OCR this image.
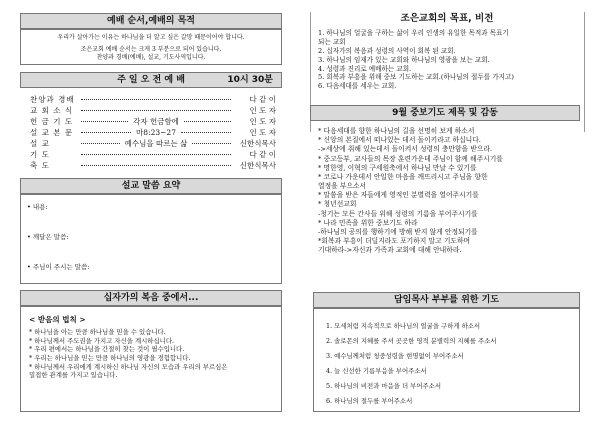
예배 순서,예배의 목적
우리가 살아가는 이유는 하나님을 더 알고 싶은 갈망 때문이어야 합니다.
조은교회 예배 순서는 크게 3 부분으로 되어 있습니다.
찬양과 경배(예배), 설교, 기도사역입니다.
주 일 오 전 예 배	10시 30분
찬양과 경배	다 같 이
교 회 소 식	인 도 자
헌 금 기 도	각자 헌금함에	인 도 자
설 교 본 문	마8:23~27	인 도 자
설 교	예수님을 따르는 삶	신한식목사
기 도	다 같 이
축 도	신한식목사
설교 말씀 요약
• 내용:
• 깨달은 말씀:
• 주님이 주시는 말씀:
십자가의 복음 중에서...
< 받음의 법칙 >
* 하나님을 아는 만큼 하나님을 믿을 수 있습니다.
* 하나님께서 주도권을 가지고 자신을 계시하십니다.
* 우리 편에서는 하나님을 간절히 찾는 것이 필수입니다.
* 우리는 하나님을 믿는 만큼 하나님의 영광을 경험합니다.
* 하나님께서 우리에게 계시하신 하나님 자신의 모습과 우리의 부르심은
밀접한 관계를 가지고 있습니다.
조은교회의 목표, 비전
1. 하나님의 얼굴을 구하는 삶이 우리 인생의 유일한 목적과 목표기
되는 교회
2. 십자가의 복음과 성령의 사역이 회복 된 교회.
3. 하나님의 임재가 있는 교회와 하나님의 영광을 보는 교회.
4. 성령과 진리로 예배하는 교회.
5. 회복과 부흥을 위해 중보 기도하는 교회.(하나님의 절두를 가지고)
6. 다음세대를 세우는 교회.
9월 중보기도 제목 및 감동
* 다음세대를 향한 하나님의 길을 선명히 보게 하소서
* 신앙의 본질에서 떠나있는 데서 돌이키라고 하십니다.
->세상에 취해 있는데서 돌이켜서 성령의 충만함을 받으라.
* 중고등부, 교사들의 목장 훈련가운데 주님이 함께 해주시기를
* 명한영, 이혁의 구세원축에서 하나님 만날 수 있기를
* 코로나 가운데서 안일한 마음을 깨뜨리시고 주님을 향한
열정을 부으소서
* 말씀을 받은 자들에게 영적인 분별력을 열어주시기를
* 청년선교회
-청기는 모든 간사들 위해 성령의 기름을 부어주시기를
* 나라 민족을 위한 중보기도 하라
-하나님의 공의를 행하기에 방해 받지 않게 안정되기를
*회복과 부흥이 더딜지라도 포기하지 말고 기도하며
기대하라->자신과 가족과 교회에 대해 안내하라.
담임목사 부부를 위한 기도
1. 모세처럼 지속적으로 하나님의 얼굴을 구하게 하소서
2. 솔로몬의 지혜를 주셔 곳곳한 영적 분별력의 지혜를 주소서
3. 예수님께처럼 청중성령을 현명없이 부어주소서
4. 늘 신선한 기름부음을 부어주소서
5. 하나님의 비전과 마음을 더 부어주소서
6. 하나님의 절두를 부어주소서
